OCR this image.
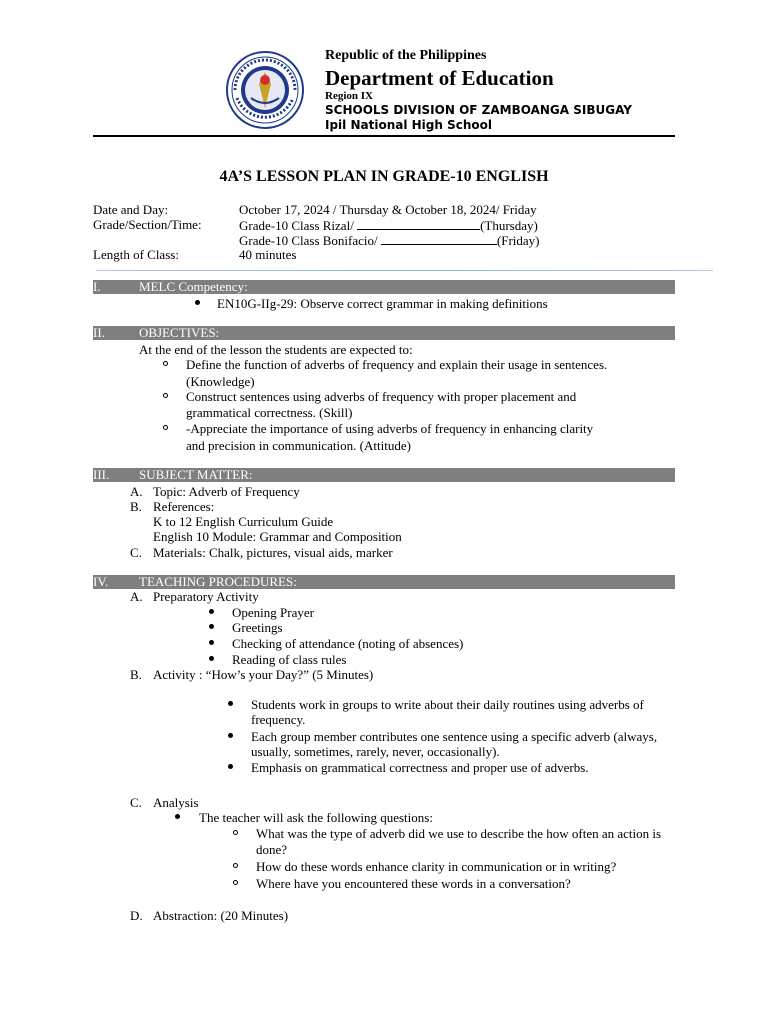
Republic of the Philippines
Department of Education
Region IX
SCHOOLS DIVISION OF ZAMBOANGA SIBUGAY
Ipil National High School
4A’S LESSON PLAN IN GRADE-10 ENGLISH
Date and Day:	October 17, 2024 / Thursday & October 18, 2024/ Friday
Grade/Section/Time:	Grade-10 Class Rizal/	(Thursday)
Grade-10 Class Bonifacio/	(Friday)
Length of Class:	40 minutes
I.	MELC Competency:
EN10G-IIg-29: Observe correct grammar in making definitions
II.	OBJECTIVES:
At the end of the lesson the students are expected to:
Define the function of adverbs of frequency and explain their usage in sentences.
(Knowledge)
Construct sentences using adverbs of frequency with proper placement and
grammatical correctness. (Skill)
-Appreciate the importance of using adverbs of frequency in enhancing clarity
and precision in communication. (Attitude)
III. SUBJECT MATTER:
A. Topic: Adverb of Frequency
B. References:
K to 12 English Curriculum Guide
English 10 Module: Grammar and Composition
C. Materials: Chalk, pictures, visual aids, marker
IV. TEACHING PROCEDURES:
A. Preparatory Activity
Opening Prayer
Greetings
Checking of attendance (noting of absences)
Reading of class rules
B. Activity : “How’s your Day?” (5 Minutes)
Students work in groups to write about their daily routines using adverbs of
frequency.
Each group member contributes one sentence using a specific adverb (always,
usually, sometimes, rarely, never, occasionally).
Emphasis on grammatical correctness and proper use of adverbs.
C. Analysis
The teacher will ask the following questions:
What was the type of adverb did we use to describe the how often an action is
done?
How do these words enhance clarity in communication or in writing?
Where have you encountered these words in a conversation?
D. Abstraction: (20 Minutes)
